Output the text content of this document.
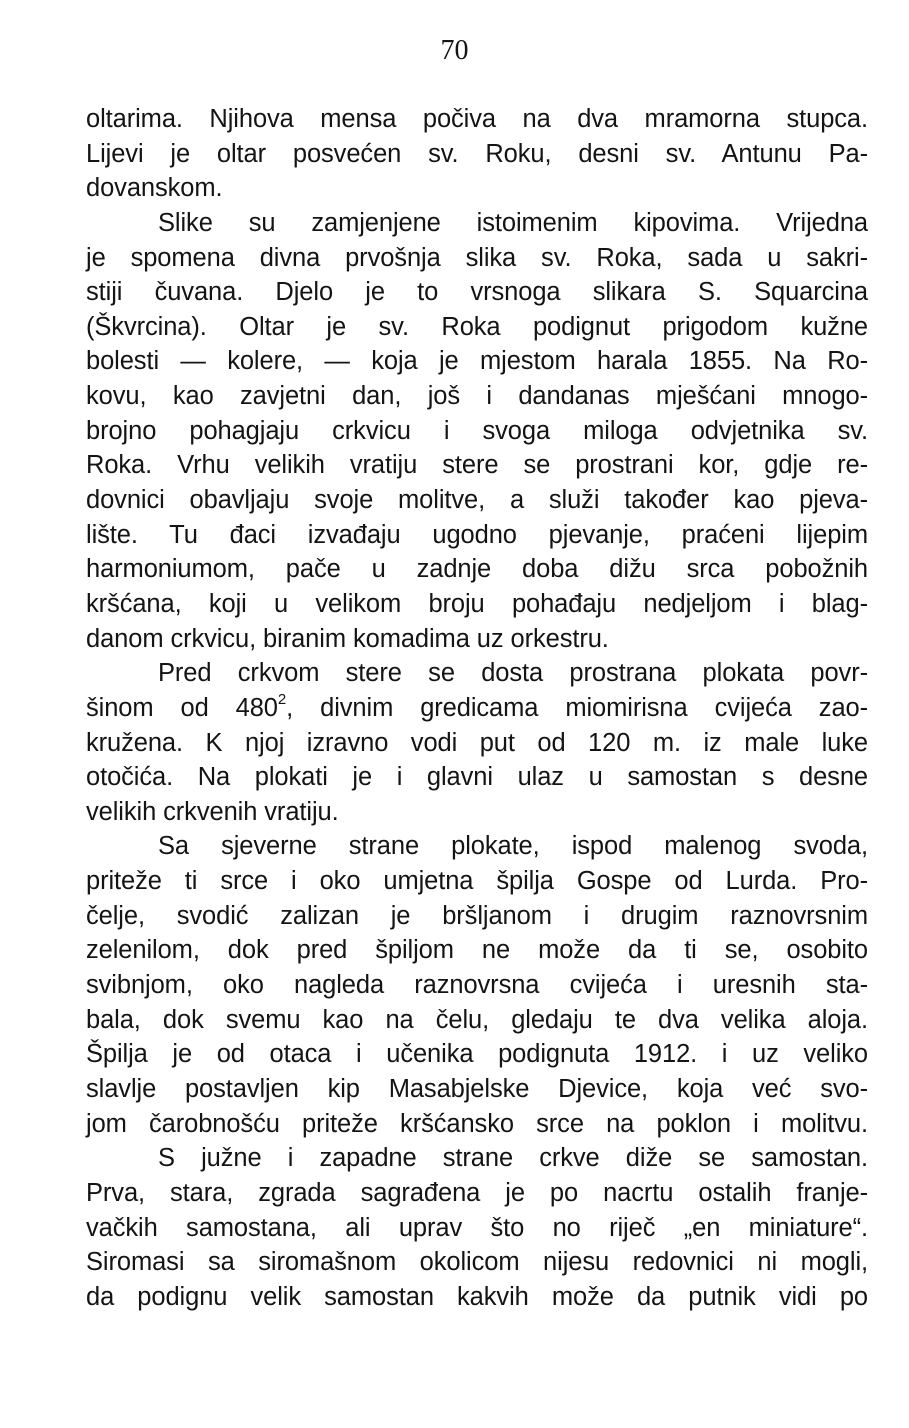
70
oltarima. Njihova mensa počiva na dva mramorna stupca.
Lijevi je oltar posvećen sv. Roku, desni sv. Antunu Pa-
dovanskom.
Slike su zamjenjene istoimenim kipovima. Vrijedna
je spomena divna prvošnja slika sv. Roka, sada u sakri-
stiji čuvana. Djelo je to vrsnoga slikara S. Squarcina
(Škvrcina). Oltar je sv. Roka podignut prigodom kužne
bolesti — kolere, — koja je mjestom harala 1855. Na Ro-
kovu, kao zavjetni dan, još i dandanas mješćani mnogo-
brojno pohagjaju crkvicu i svoga miloga odvjetnika sv.
Roka. Vrhu velikih vratiju stere se prostrani kor, gdje re-
dovnici obavljaju svoje molitve, a služi također kao pjeva-
lište. Tu đaci izvađaju ugodno pjevanje, praćeni lijepim
harmoniumom, pače u zadnje doba dižu srca pobožnih
kršćana, koji u velikom broju pohađaju nedjeljom i blag-
danom crkvicu, biranim komadima uz orkestru.
Pred crkvom stere se dosta prostrana plokata povr-
šinom od $480^2$, divnim gredicama miomirisna cvijeća zao-
kružena. K njoj izravno vodi put od 120 m. iz male luke
otočića. Na plokati je i glavni ulaz u samostan s desne
velikih crkvenih vratiju.
Sa sjeverne strane plokate, ispod malenog svoda,
priteže ti srce i oko umjetna špilja Gospe od Lurda. Pro-
čelje, svodić zalizan je bršljanom i drugim raznovrsnim
zelenilom, dok pred špiljom ne može da ti se, osobito
svibnjom, oko nagleda raznovrsna cvijeća i uresnih sta-
bala, dok svemu kao na čelu, gledaju te dva velika aloja.
Špilja je od otaca i učenika podignuta 1912. i uz veliko
slavlje postavljen kip Masabjelske Djevice, koja već svo-
jom čarobnošću priteže kršćansko srce na poklon i molitvu.
S južne i zapadne strane crkve diže se samostan.
Prva, stara, zgrada sagrađena je po nacrtu ostalih franje-
vačkih samostana, ali uprav što no riječ „en miniature“.
Siromasi sa siromašnom okolicom nijesu redovnici ni mogli,
da podignu velik samostan kakvih može da putnik vidi po
